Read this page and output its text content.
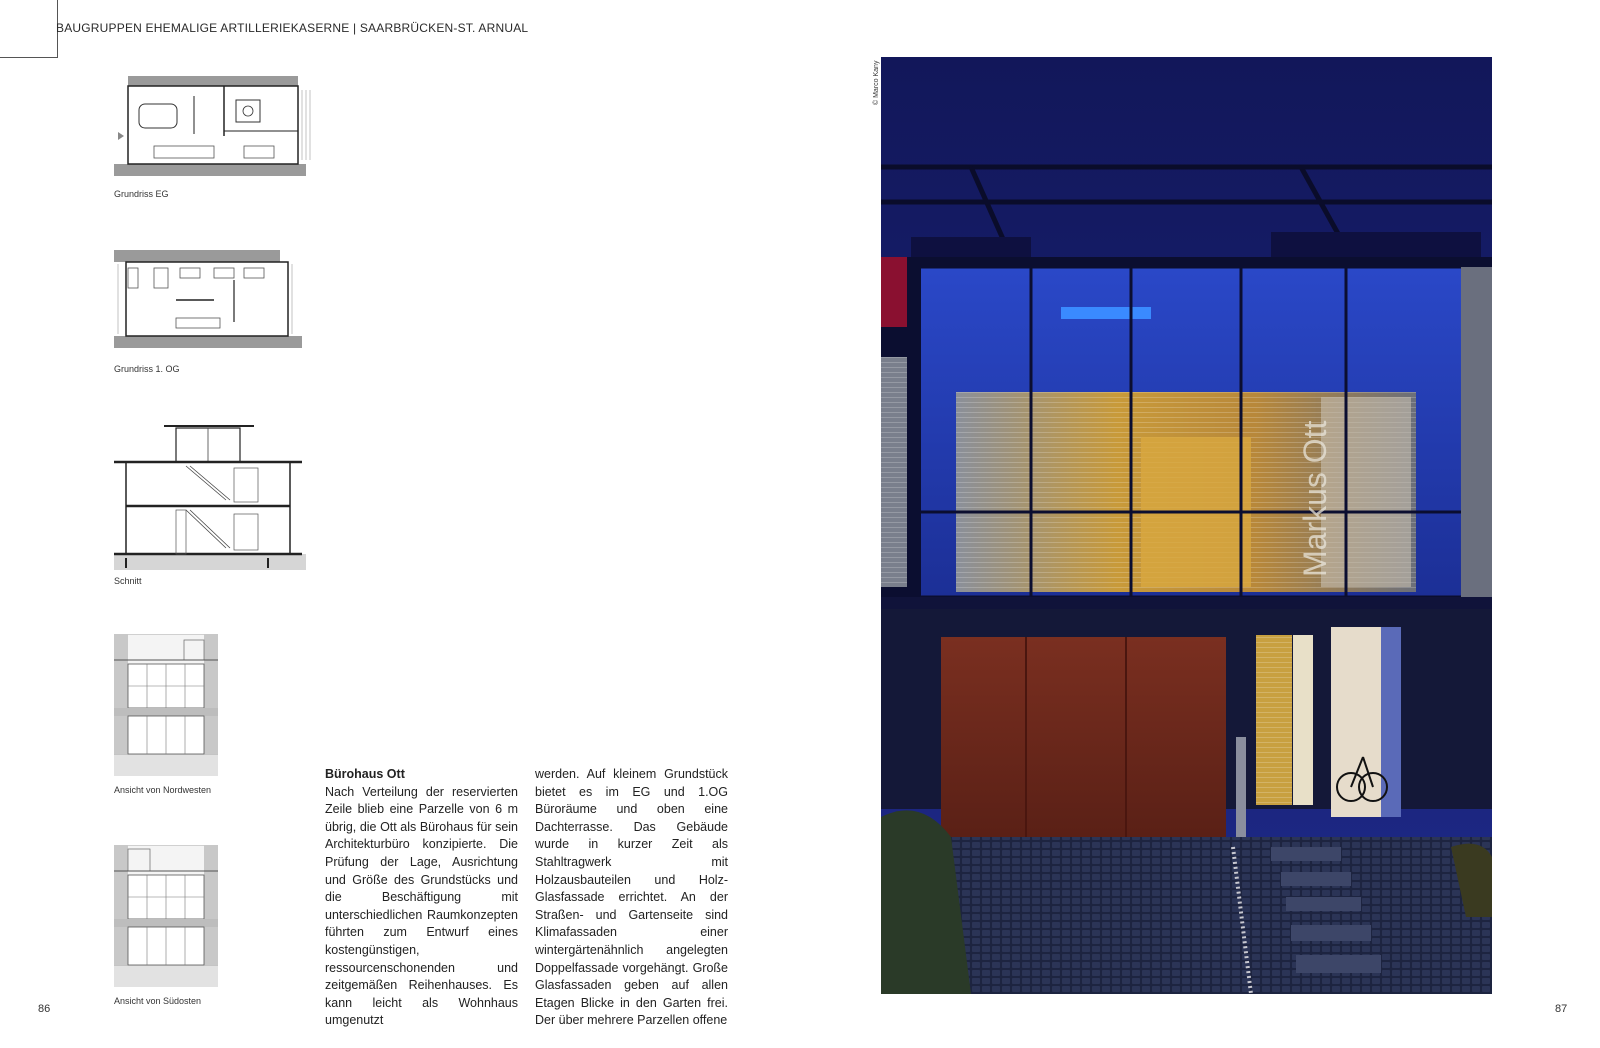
BAUGRUPPEN EHEMALIGE ARTILLERIEKASERNE | SAARBRÜCKEN-ST. ARNUAL
Grundriss EG
Grundriss 1. OG
Schnitt
Ansicht von Nordwesten
Ansicht von Südosten

Bürohaus Ott

Nach Verteilung der reservierten Zeile blieb eine Parzelle von 6 m übrig, die Ott als Bürohaus für sein Architekturbüro konzipierte. Die Prüfung der Lage, Ausrichtung und Größe des Grundstücks und die Beschäftigung mit unterschiedlichen Raumkonzepten führten zum Entwurf eines kostengünstigen, ressourcenschonenden und zeitgemäßen Reihenhauses. Es kann leicht als Wohnhaus umgenutzt

werden. Auf kleinem Grundstück bietet es im EG und 1.OG Büroräume und oben eine Dachterrasse. Das Gebäude wurde in kurzer Zeit als Stahltragwerk mit Holzausbauteilen und Holz-Glasfassade errichtet. An der Straßen- und Gartenseite sind Klimafassaden einer wintergärtenähnlich angelegten Doppelfassade vorgehängt. Große Glasfassaden geben auf allen Etagen Blicke in den Garten frei. Der über mehrere Parzellen offene

86	87
© Marco Kany
Markus Ott
